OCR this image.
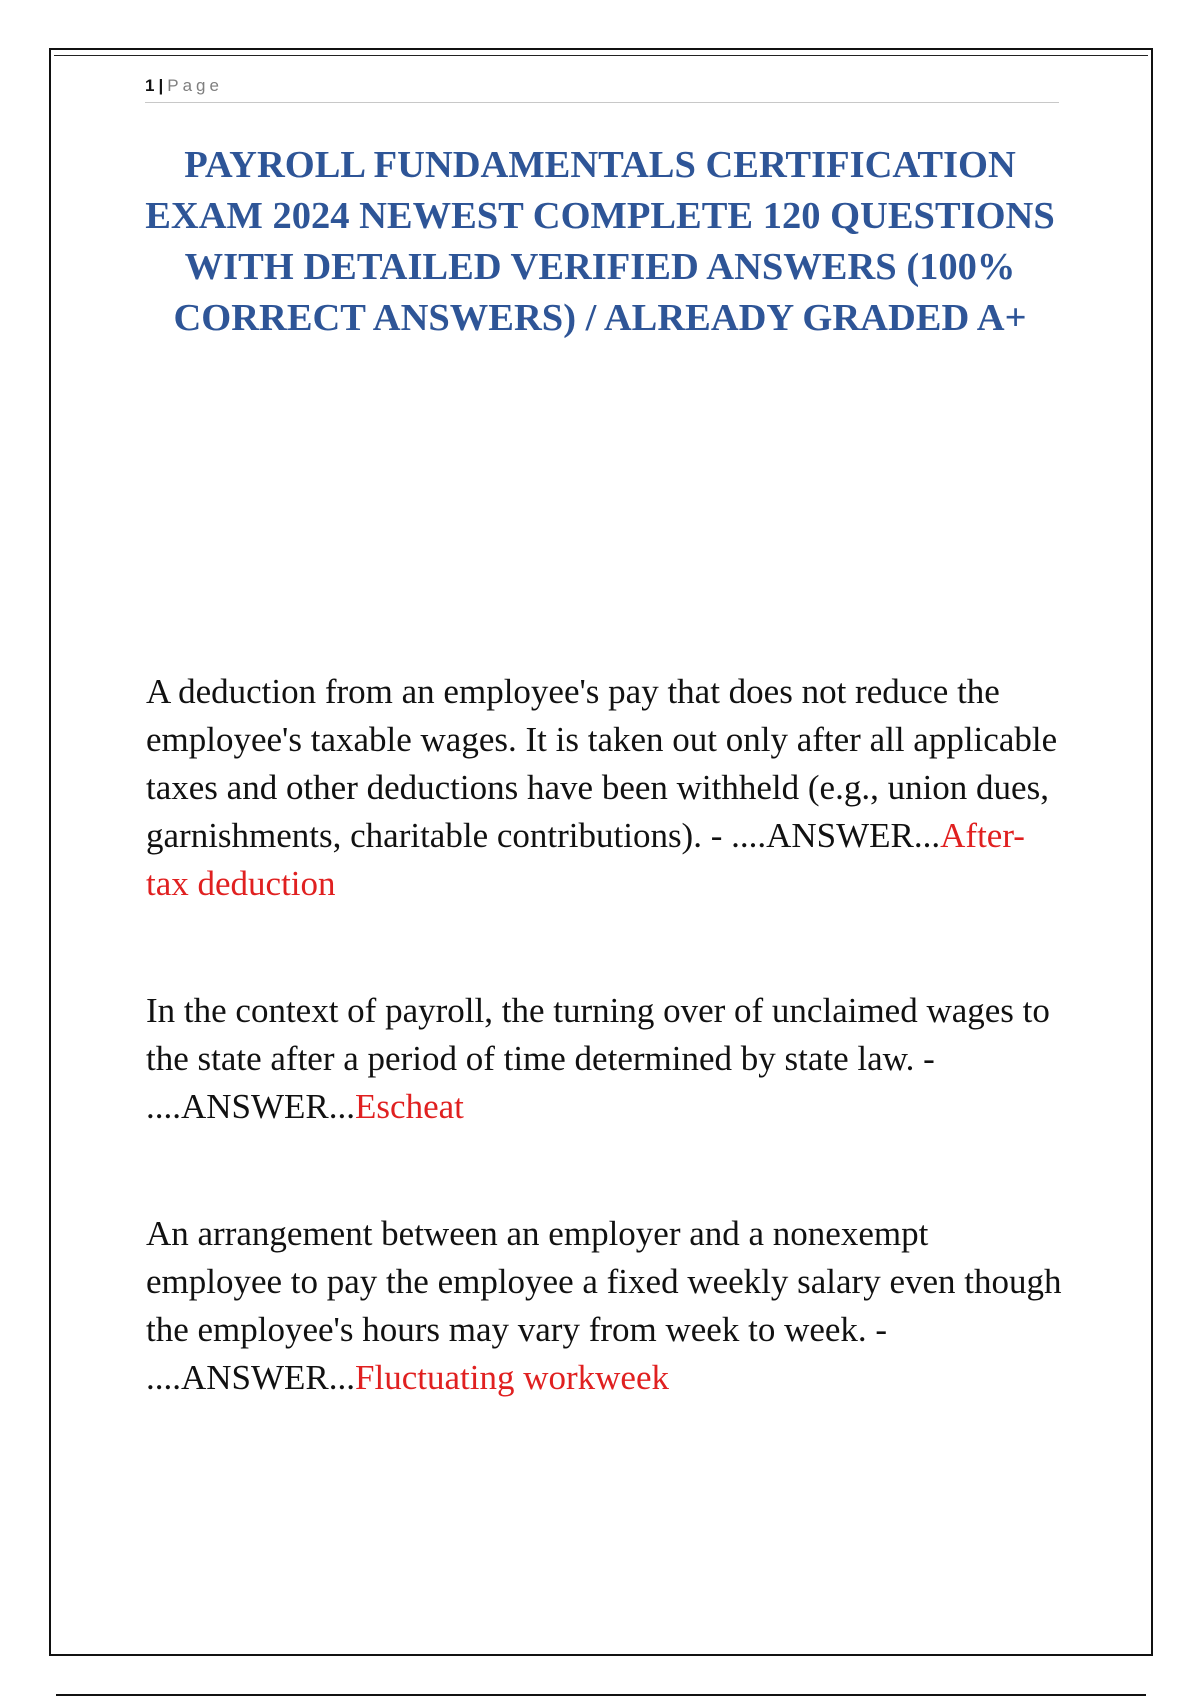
1 | Page
PAYROLL FUNDAMENTALS CERTIFICATION EXAM 2024 NEWEST COMPLETE 120 QUESTIONS WITH DETAILED VERIFIED ANSWERS (100% CORRECT ANSWERS) / ALREADY GRADED A+

A deduction from an employee's pay that does not reduce the employee's taxable wages. It is taken out only after all applicable taxes and other deductions have been withheld (e.g., union dues, garnishments, charitable contributions). - ....ANSWER...After-tax deduction

In the context of payroll, the turning over of unclaimed wages to the state after a period of time determined by state law. - ....ANSWER...Escheat

An arrangement between an employer and a nonexempt employee to pay the employee a fixed weekly salary even though the employee's hours may vary from week to week. - ....ANSWER...Fluctuating workweek
